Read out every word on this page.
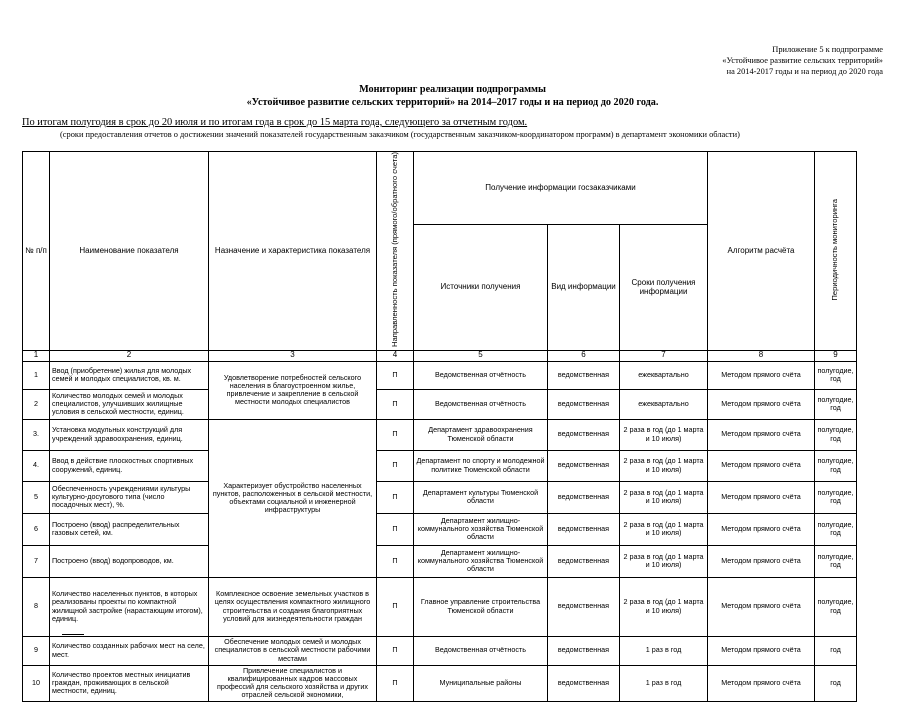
Приложение 5 к подпрограмме
«Устойчивое развитие сельских территорий»
на 2014-2017 годы и на период до 2020 года
Мониторинг реализации подпрограммы
«Устойчивое развитие сельских территорий» на 2014–2017 годы и на период до 2020 года.
По итогам полугодия в срок до 20 июля и по итогам года в срок до 15 марта года, следующего за отчетным годом.
(сроки предоставления отчетов о достижении значений показателей государственным заказчиком (государственным заказчиком-координатором программ) в департамент экономики области)
№ п/п	Наименование показателя	Назначение и характеристика показателя	Направленность показателя (прямого/обратного счета)	Получение информации госзаказчиками			Алгоритм расчёта	Периодичность мониторинга
				Источники получения	Вид информации	Сроки получения информации		
1	2	3	4	5	6	7	8	9
1	Ввод (приобретение) жилья для молодых семей и молодых специалистов, кв. м.	Удовлетворение потребностей сельского населения в благоустроенном жилье, привлечение и закрепление в сельской местности молодых специалистов	П	Ведомственная отчётность	ведомственная	ежеквартально	Методом прямого счёта	полугодие, год
2	Количество молодых семей и молодых специалистов, улучшивших жилищные условия в сельской местности, единиц.		П	Ведомственная отчётность	ведомственная	ежеквартально	Методом прямого счёта	полугодие, год
3.	Установка модульных конструкций для учреждений здравоохранения, единиц.	Характеризует обустройство населенных пунктов, расположенных в сельской местности, объектами социальной и инженерной инфраструктуры	П	Департамент здравоохранения Тюменской области	ведомственная	2 раза в год (до 1 марта и 10 июля)	Методом прямого счёта	полугодие, год
4.	Ввод в действие плоскостных спортивных сооружений, единиц.		П	Департамент по спорту и молодежной политике Тюменской области	ведомственная	2 раза в год (до 1 марта и 10 июля)	Методом прямого счёта	полугодие, год
5	Обеспеченность учреждениями культуры культурно-досугового типа (число посадочных мест), %.		П	Департамент культуры Тюменской области	ведомственная	2 раза в год (до 1 марта и 10 июля)	Методом прямого счёта	полугодие, год
6	Построено (ввод) распределительных газовых сетей, км.		П	Департамент жилищно-коммунального хозяйства Тюменской области	ведомственная	2 раза в год (до 1 марта и 10 июля)	Методом прямого счёта	полугодие, год
7	Построено (ввод) водопроводов, км.		П	Департамент жилищно-коммунального хозяйства Тюменской области	ведомственная	2 раза в год (до 1 марта и 10 июля)	Методом прямого счёта	полугодие, год
8	Количество населенных пунктов, в которых реализованы проекты по компактной жилищной застройке (нарастающим итогом), единиц.	Комплексное освоение земельных участков в целях осуществления компактного жилищного строительства и создания благоприятных условий для жизнедеятельности граждан	П	Главное управление строительства Тюменской области	ведомственная	2 раза в год (до 1 марта и 10 июля)	Методом прямого счёта	полугодие, год
9	Количество созданных рабочих мест на селе, мест.	Обеспечение молодых семей и молодых специалистов в сельской местности рабочими местами	П	Ведомственная отчётность	ведомственная	1 раз в год	Методом прямого счёта	год
10	Количество проектов местных инициатив граждан, проживающих в сельской местности, единиц.	Привлечение специалистов и квалифицированных кадров массовых профессий для сельского хозяйства и других отраслей сельской экономики,	П	Муниципальные районы	ведомственная	1 раз в год	Методом прямого счёта	год
